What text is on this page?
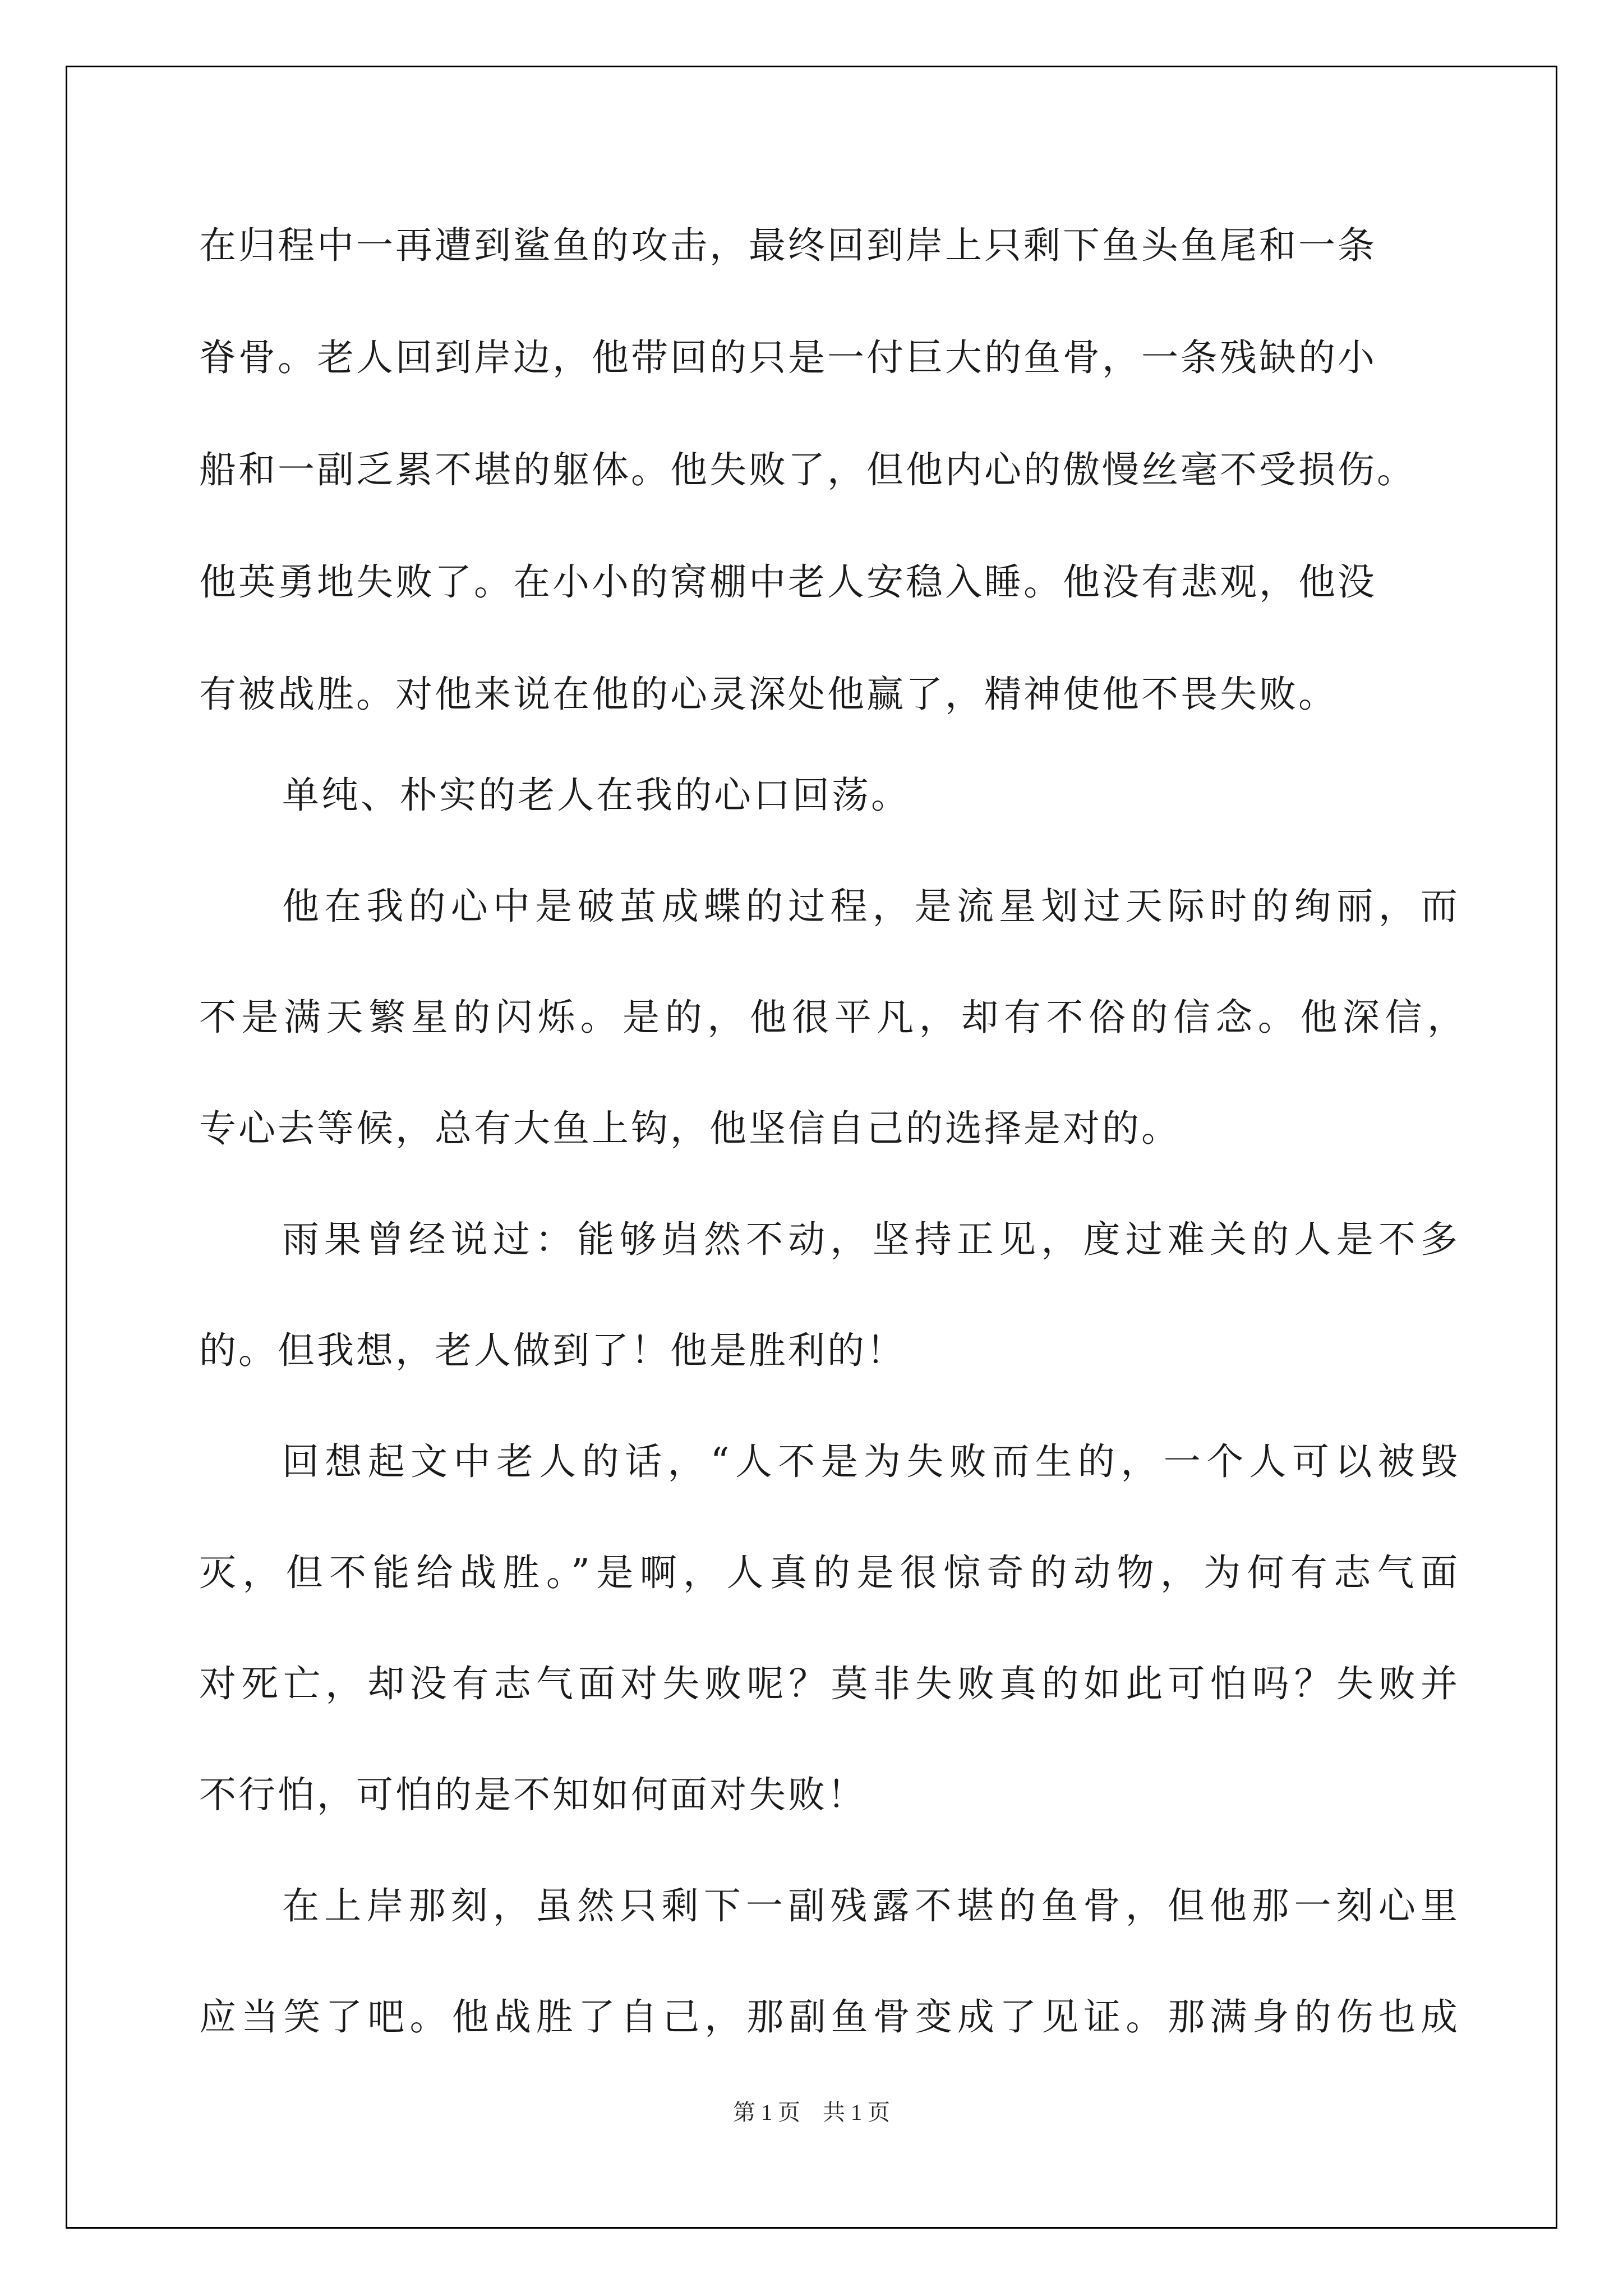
在归程中一再遭到鲨鱼的攻击，最终回到岸上只剩下鱼头鱼尾和一条
脊骨。老人回到岸边，他带回的只是一付巨大的鱼骨，一条残缺的小
船和一副乏累不堪的躯体。他失败了，但他内心的傲慢丝毫不受损伤。
他英勇地失败了。在小小的窝棚中老人安稳入睡。他没有悲观，他没
有被战胜。对他来说在他的心灵深处他赢了，精神使他不畏失败。
单纯、朴实的老人在我的心口回荡。
他在我的心中是破茧成蝶的过程，是流星划过天际时的绚丽，而
不是满天繁星的闪烁。是的，他很平凡，却有不俗的信念。他深信，
专心去等候，总有大鱼上钩，他坚信自己的选择是对的。
雨果曾经说过：能够岿然不动，坚持正见，度过难关的人是不多
的。但我想，老人做到了！他是胜利的！
回想起文中老人的话，“人不是为失败而生的，一个人可以被毁
灭，但不能给战胜。”是啊，人真的是很惊奇的动物，为何有志气面
对死亡，却没有志气面对失败呢？莫非失败真的如此可怕吗？失败并
不行怕，可怕的是不知如何面对失败！
在上岸那刻，虽然只剩下一副残露不堪的鱼骨，但他那一刻心里
应当笑了吧。他战胜了自己，那副鱼骨变成了见证。那满身的伤也成
第 1 页 共 1 页
